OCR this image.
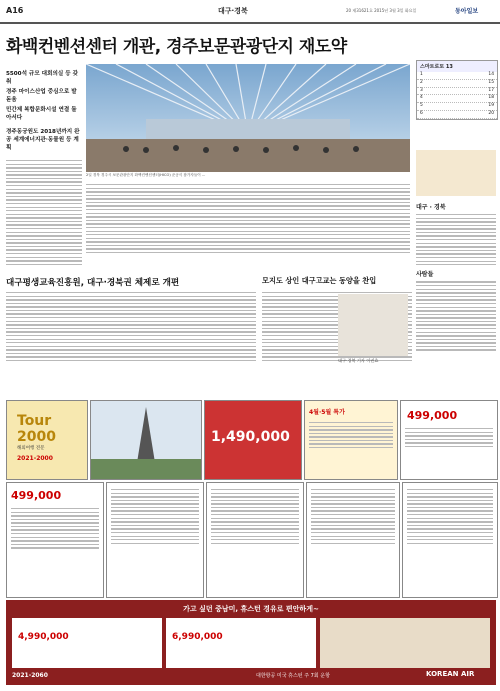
A16	대구·경북	20 제31621호 2015년 3월 3일 화요일	동아일보
화백컨벤션센터 개관, 경주보문관광단지 재도약
5500석 규모 대회의실 등 갖춰
경주 마이스산업 중심으로 발돋움
민간제 복합문화시설 연결 돌아서다
경주동궁원도 2018년까지 완공 세계에너지관·동물원 등 계획
2일 경북 경주시 보문관광단지 화백컨벤션센터(HICO) 준공식 참가자들이 ...
스마트로또 13
1	14
2	15
3	17
4	18
5	19
6	20
대구 · 경북
사람들
대구평생교육진흥원, 대구·경북권 체제로 개편	모지도 상인 대구고교는 동양을 찬입
대구·경북 기자 이권효
Tour 2000
해외여행 전문
2021-2000
1,490,000
4월·5월 특가	499,000
499,000
가고 싶던 중남미, 휴스턴 경유로 편안하게~
4,990,000	6,990,000
2021-2060	대한항공 미국 휴스턴 주 7회 운항	KOREAN AIR
